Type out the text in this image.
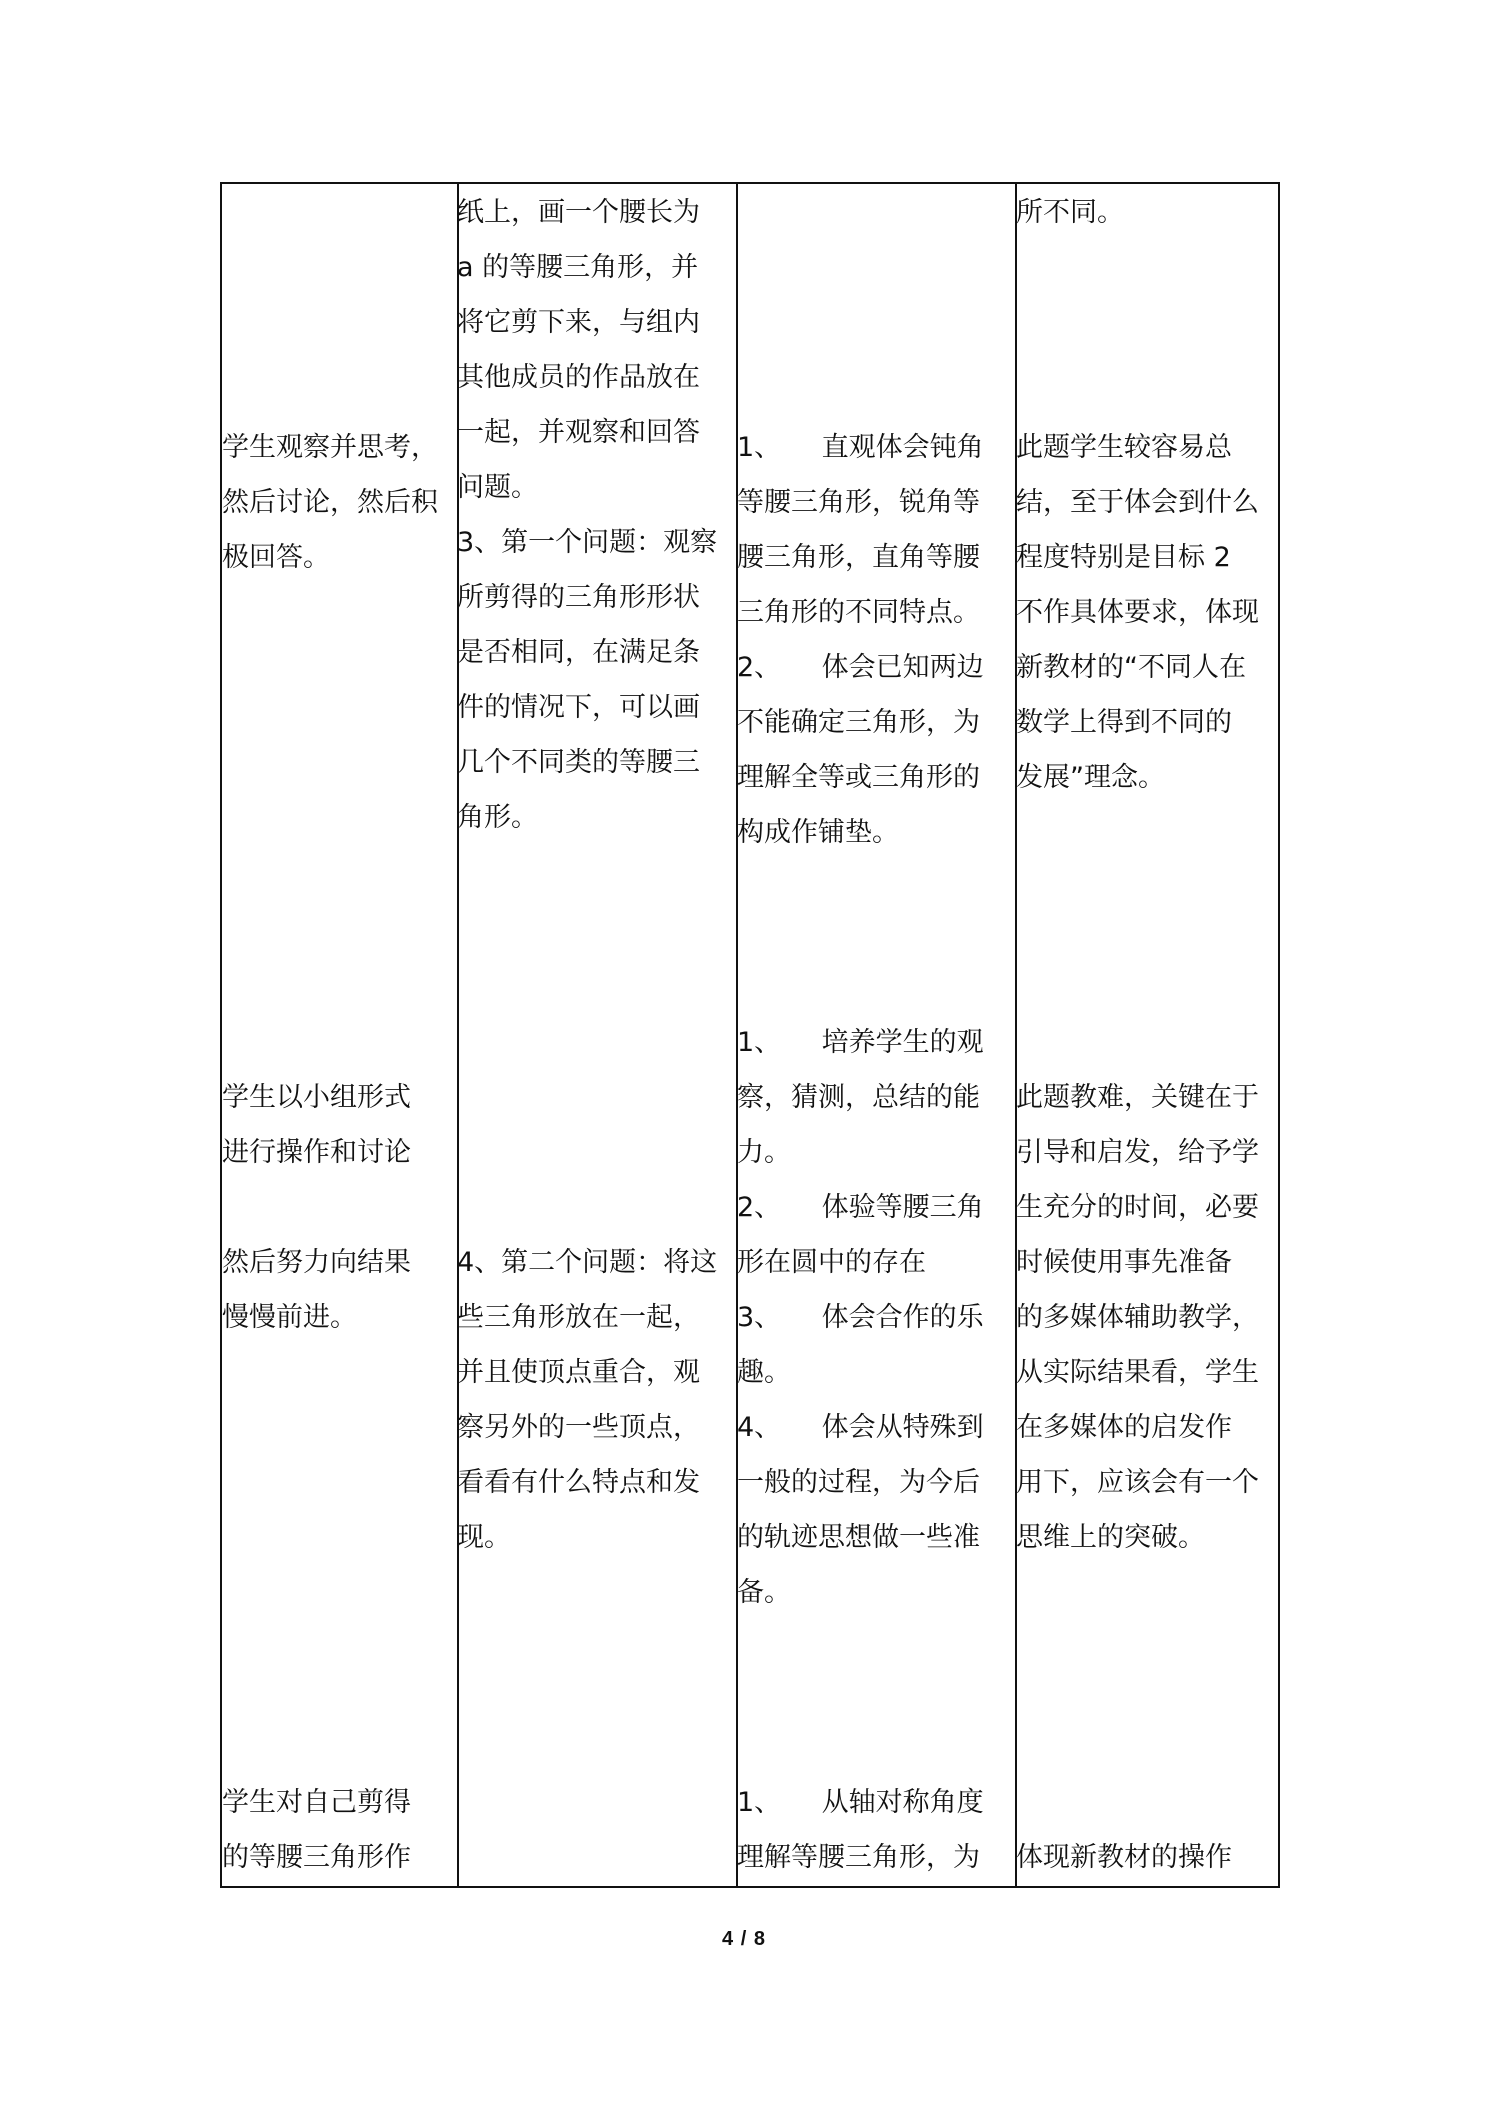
学生观察并思考，
然后讨论，然后积
极回答。
学生以小组形式
进行操作和讨论
然后努力向结果
慢慢前进。
学生对自己剪得
的等腰三角形作
纸上，画一个腰长为
a 的等腰三角形，并
将它剪下来，与组内
其他成员的作品放在
一起，并观察和回答
问题。
3、第一个问题：观察
所剪得的三角形形状
是否相同，在满足条
件的情况下，可以画
几个不同类的等腰三
角形。
4、第二个问题：将这
些三角形放在一起，
并且使顶点重合，观
察另外的一些顶点，
看看有什么特点和发
现。
1、　　直观体会钝角
等腰三角形，锐角等
腰三角形，直角等腰
三角形的不同特点。
2、　　体会已知两边
不能确定三角形，为
理解全等或三角形的
构成作铺垫。
1、　　培养学生的观
察，猜测，总结的能
力。
2、　　体验等腰三角
形在圆中的存在
3、　　体会合作的乐
趣。
4、　　体会从特殊到
一般的过程，为今后
的轨迹思想做一些准
备。
1、　　从轴对称角度
理解等腰三角形，为
所不同。
此题学生较容易总
结，至于体会到什么
程度特别是目标 2
不作具体要求，体现
新教材的“不同人在
数学上得到不同的
发展”理念。
此题教难，关键在于
引导和启发，给予学
生充分的时间，必要
时候使用事先准备
的多媒体辅助教学，
从实际结果看，学生
在多媒体的启发作
用下，应该会有一个
思维上的突破。
体现新教材的操作
4 / 8
